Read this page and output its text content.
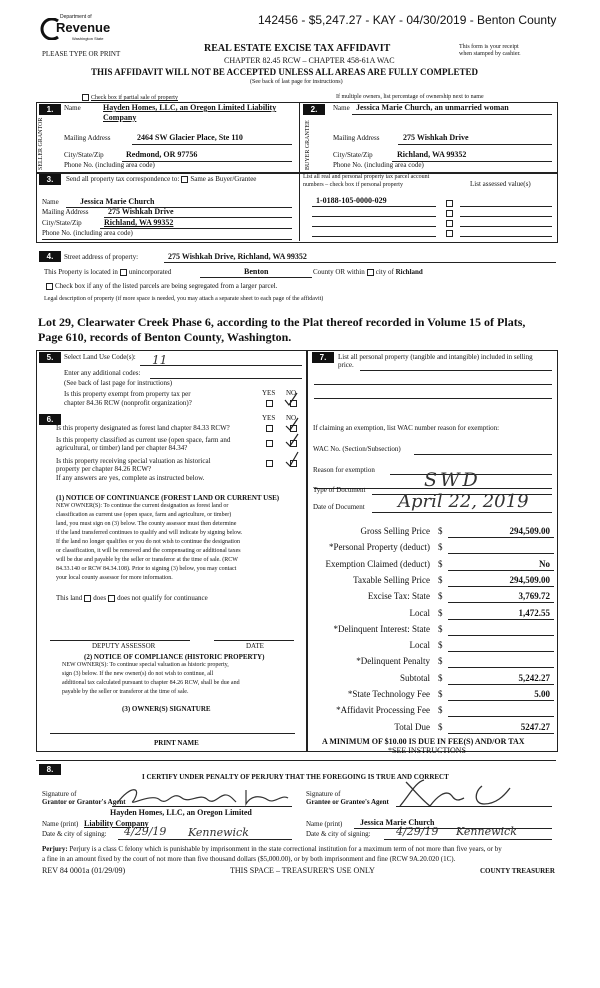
Department of
Revenue
Washington State
142456 - $5,247.27 - KAY - 04/30/2019 - Benton County
PLEASE TYPE OR PRINT	REAL ESTATE EXCISE TAX AFFIDAVIT
CHAPTER 82.45 RCW – CHAPTER 458-61A WAC
This form is your receipt
when stamped by cashier.
THIS AFFIDAVIT WILL NOT BE ACCEPTED UNLESS ALL AREAS ARE FULLY COMPLETED
(See back of last page for instructions)
Check box if partial sale of property	If multiple owners, list percentage of ownership next to name
1.
SELLER GRANTOR
Name	Hayden Homes, LLC, an Oregon Limited Liability
Company
Mailing Address	2464 SW Glacier Place, Ste 110
City/State/Zip	Redmond, OR 97756
Phone No. (including area code)
2.
BUYER GRANTEE
Name Jessica Marie Church, an unmarried woman
Mailing Address	275 Wishkah Drive
City/State/Zip	Richland, WA 99352
Phone No. (including area code)
3.	Send all property tax correspondence to: Same as Buyer/Grantee
Name	Jessica Marie Church
Mailing Address 275 Wishkah Drive
City/State/Zip	Richland, WA 99352
Phone No. (including area code)
List all real and personal property tax parcel account
numbers – check box if personal property	List assessed value(s)
1-0188-105-0000-029
4.	Street address of property:	275 Wishkah Drive, Richland, WA 99352
This Property is located in unincorporated	Benton	County OR within city of Richland
Check box if any of the listed parcels are being segregated from a larger parcel.
Legal description of property (if more space is needed, you may attach a separate sheet to each page of the affidavit)
Lot 29, Clearwater Creek Phase 6, according to the Plat thereof recorded in Volume 15 of Plats,
Page 610, records of Benton County, Washington.
5.	Select Land Use Code(s): 11
Enter any additional codes:
(See back of last page for instructions)
Is this property exempt from property tax per
chapter 84.36 RCW (nonprofit organization)?
YES NO
6.	YES NO
Is this property designated as forest land chapter 84.33 RCW?
Is this property classified as current use (open space, farm and
agricultural, or timber) land per chapter 84.34?
Is this property receiving special valuation as historical
property per chapter 84.26 RCW?
If any answers are yes, complete as instructed below.
(1) NOTICE OF CONTINUANCE (FOREST LAND OR CURRENT USE)
NEW OWNER(S): To continue the current designation as forest land or
classification as current use (open space, farm and agriculture, or timber)
land, you must sign on (3) below. The county assessor must then determine
if the land transferred continues to qualify and will indicate by signing below.
If the land no longer qualifies or you do not wish to continue the designation
or classification, it will be removed and the compensating or additional taxes
will be due and payable by the seller or transferor at the time of sale. (RCW
84.33.140 or RCW 84.34.108). Prior to signing (3) below, you may contact
your local county assessor for more information.
This land does does not qualify for continuance
DEPUTY ASSESSOR	DATE
(2) NOTICE OF COMPLIANCE (HISTORIC PROPERTY)
NEW OWNER(S): To continue special valuation as historic property,
sign (3) below. If the new owner(s) do not wish to continue, all
additional tax calculated pursuant to chapter 84.26 RCW, shall be due and
payable by the seller or transferor at the time of sale.
(3) OWNER(S) SIGNATURE
PRINT NAME
7.	List all personal property (tangible and intangible) included in selling
price.
If claiming an exemption, list WAC number reason for exemption:
WAC No. (Section/Subsection)
Reason for exemption
Type of Document	SWD
Date of Document April 22, 2019
Gross Selling Price $	294,509.00
*Personal Property (deduct) $
Exemption Claimed (deduct) $	No
Taxable Selling Price $	294,509.00
Excise Tax: State $	3,769.72
Local $	1,472.55
*Delinquent Interest: State $
Local $
*Delinquent Penalty $
Subtotal $	5,242.27
*State Technology Fee $	5.00
*Affidavit Processing Fee $
Total Due $	5247.27
A MINIMUM OF $10.00 IS DUE IN FEE(S) AND/OR TAX
*SEE INSTRUCTIONS
8.
I CERTIFY UNDER PENALTY OF PERJURY THAT THE FOREGOING IS TRUE AND CORRECT
Signature of
Grantor or Grantor's Agent
Hayden Homes, LLC, an Oregon Limited
Name (print) Liability Company
Date & city of signing: 4/29/19 Kennewick
Signature of
Grantee or Grantee's Agent
Name (print) Jessica Marie Church
Date & city of signing: 4/29/19 Kennewick
Perjury: Perjury is a class C felony which is punishable by imprisonment in the state correctional institution for a maximum term of not more than five years, or by
a fine in an amount fixed by the court of not more than five thousand dollars ($5,000.00), or by both imprisonment and fine (RCW 9A.20.020 (1C).
REV 84 0001a (01/29/09)	THIS SPACE – TREASURER'S USE ONLY	COUNTY TREASURER
